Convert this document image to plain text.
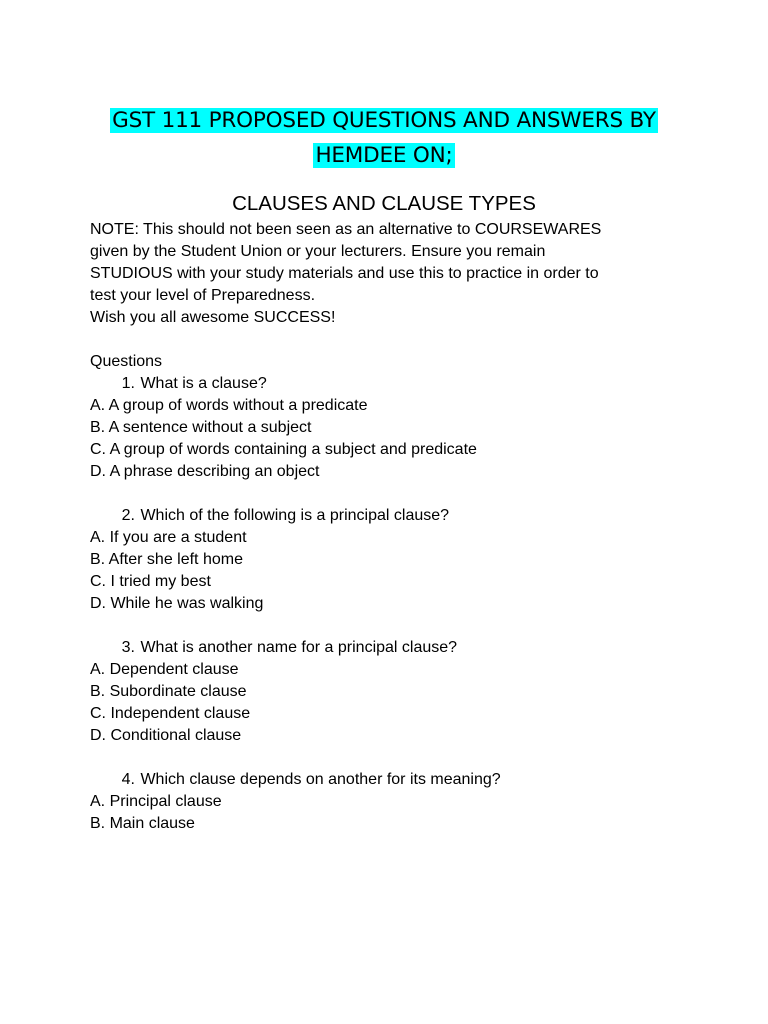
GST 111 PROPOSED QUESTIONS AND ANSWERS BY
HEMDEE ON;
CLAUSES AND CLAUSE TYPES
NOTE: This should not been seen as an alternative to COURSEWARES
given by the Student Union or your lecturers. Ensure you remain
STUDIOUS with your study materials and use this to practice in order to
test your level of Preparedness.
Wish you all awesome SUCCESS!
Questions
1. What is a clause?
A. A group of words without a predicate
B. A sentence without a subject
C. A group of words containing a subject and predicate
D. A phrase describing an object
2. Which of the following is a principal clause?
A. If you are a student
B. After she left home
C. I tried my best
D. While he was walking
3. What is another name for a principal clause?
A. Dependent clause
B. Subordinate clause
C. Independent clause
D. Conditional clause
4. Which clause depends on another for its meaning?
A. Principal clause
B. Main clause
